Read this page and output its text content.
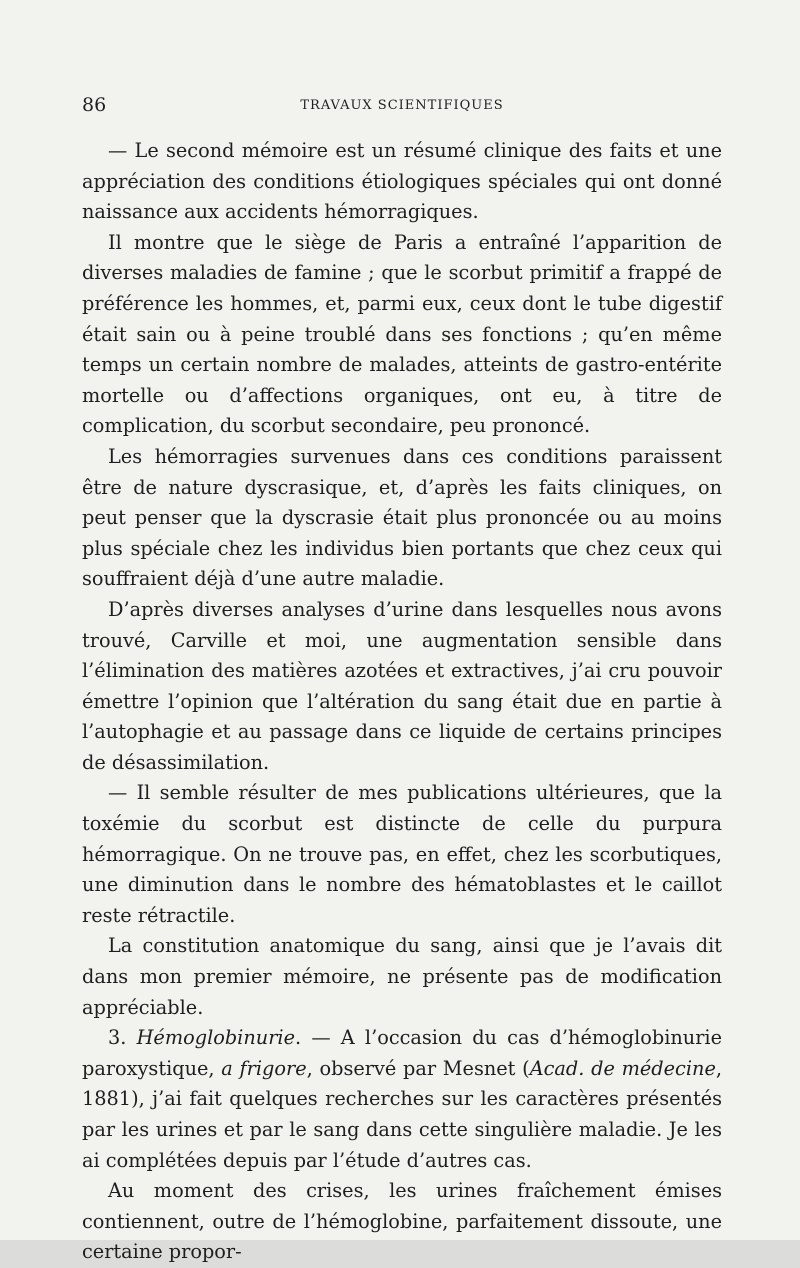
86	TRAVAUX SCIENTIFIQUES

— Le second mémoire est un résumé clinique des faits et une appréciation des conditions étiologiques spéciales qui ont donné naissance aux accidents hémorragiques.

Il montre que le siège de Paris a entraîné l’apparition de diverses maladies de famine ; que le scorbut primitif a frappé de préférence les hommes, et, parmi eux, ceux dont le tube digestif était sain ou à peine troublé dans ses fonctions ; qu’en même temps un certain nombre de malades, atteints de gastro-entérite mortelle ou d’affections organiques, ont eu, à titre de complication, du scorbut secondaire, peu prononcé.

Les hémorragies survenues dans ces conditions paraissent être de nature dyscrasique, et, d’après les faits cliniques, on peut penser que la dyscrasie était plus prononcée ou au moins plus spéciale chez les individus bien portants que chez ceux qui souffraient déjà d’une autre maladie.

D’après diverses analyses d’urine dans lesquelles nous avons trouvé, Carville et moi, une augmentation sensible dans l’élimination des matières azotées et extractives, j’ai cru pouvoir émettre l’opinion que l’altération du sang était due en partie à l’autophagie et au passage dans ce liquide de certains principes de désassimilation.

— Il semble résulter de mes publications ultérieures, que la toxémie du scorbut est distincte de celle du purpura hémorragique. On ne trouve pas, en effet, chez les scorbutiques, une diminution dans le nombre des hématoblastes et le caillot reste rétractile.

La constitution anatomique du sang, ainsi que je l’avais dit dans mon premier mémoire, ne présente pas de modification appréciable.

3. Hémoglobinurie. — A l’occasion du cas d’hémoglobinurie paroxystique, a frigore, observé par Mesnet (Acad. de médecine, 1881), j’ai fait quelques recherches sur les caractères présentés par les urines et par le sang dans cette singulière maladie. Je les ai complétées depuis par l’étude d’autres cas.

Au moment des crises, les urines fraîchement émises contiennent, outre de l’hémoglobine, parfaitement dissoute, une certaine propor-
